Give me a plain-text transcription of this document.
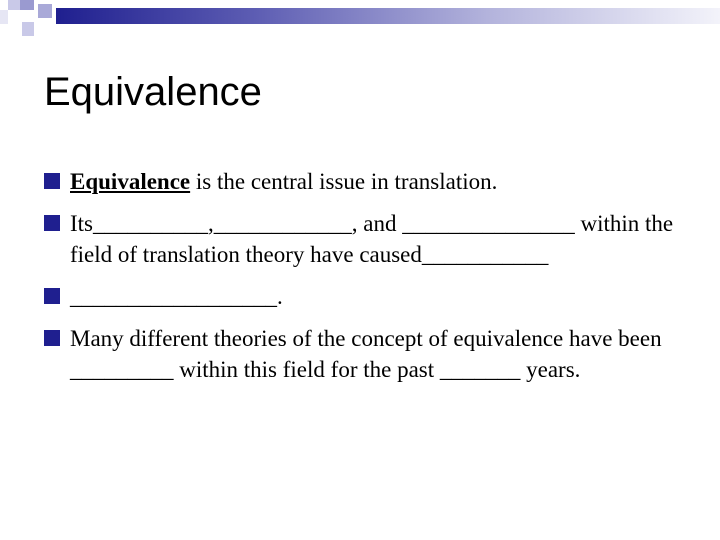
Equivalence
Equivalence is the central issue in translation.
Its__________,____________, and _______________ within the field of translation theory have caused___________
__________________.
Many different theories of the concept of equivalence have been _________ within this field for the past _______ years.
